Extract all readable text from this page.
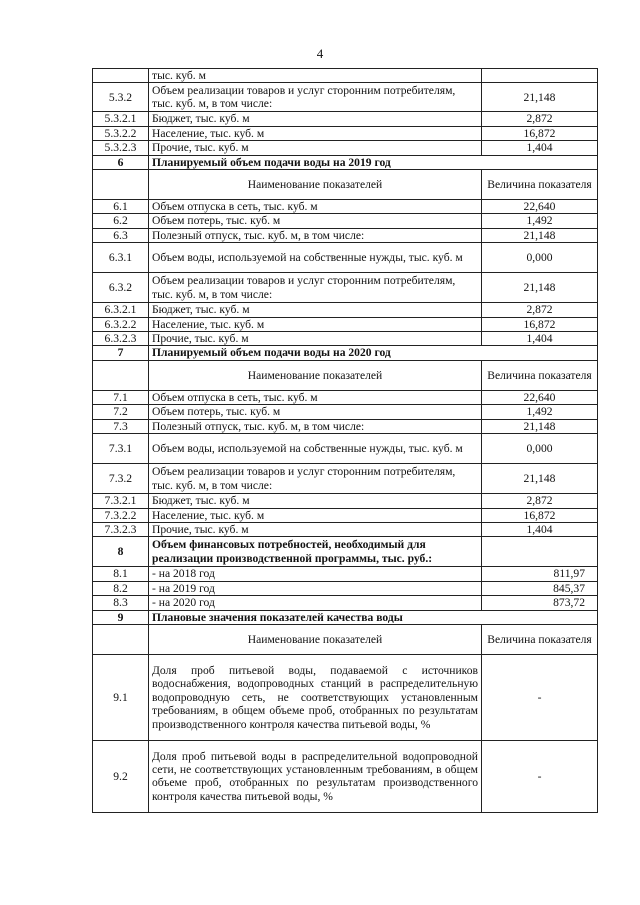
4
	тыс. куб. м	
5.3.2	Объем реализации товаров и услуг сторонним потребителям, тыс. куб. м, в том числе:	21,148
5.3.2.1	Бюджет, тыс. куб. м	2,872
5.3.2.2	Население, тыс. куб. м	16,872
5.3.2.3	Прочие, тыс. куб. м	1,404
6	Планируемый объем подачи воды на 2019 год	
	Наименование показателей	Величина показателя
6.1	Объем отпуска в сеть, тыс. куб. м	22,640
6.2	Объем потерь, тыс. куб. м	1,492
6.3	Полезный отпуск, тыс. куб. м, в том числе:	21,148
6.3.1	Объем воды, используемой на собственные нужды, тыс. куб. м	0,000
6.3.2	Объем реализации товаров и услуг сторонним потребителям, тыс. куб. м, в том числе:	21,148
6.3.2.1	Бюджет, тыс. куб. м	2,872
6.3.2.2	Население, тыс. куб. м	16,872
6.3.2.3	Прочие, тыс. куб. м	1,404
7	Планируемый объем подачи воды на 2020 год	
	Наименование показателей	Величина показателя
7.1	Объем отпуска в сеть, тыс. куб. м	22,640
7.2	Объем потерь, тыс. куб. м	1,492
7.3	Полезный отпуск, тыс. куб. м, в том числе:	21,148
7.3.1	Объем воды, используемой на собственные нужды, тыс. куб. м	0,000
7.3.2	Объем реализации товаров и услуг сторонним потребителям, тыс. куб. м, в том числе:	21,148
7.3.2.1	Бюджет, тыс. куб. м	2,872
7.3.2.2	Население, тыс. куб. м	16,872
7.3.2.3	Прочие, тыс. куб. м	1,404
8	Объем финансовых потребностей, необходимый для реализации производственной программы, тыс. руб.:	
8.1	- на 2018 год	811,97
8.2	- на 2019 год	845,37
8.3	- на 2020 год	873,72
9	Плановые значения показателей качества воды	
	Наименование показателей	Величина показателя
9.1	Доля проб питьевой воды, подаваемой с источников водоснабжения, водопроводных станций в распределительную водопроводную сеть, не соответствующих установленным требованиям, в общем объеме проб, отобранных по результатам производственного контроля качества питьевой воды, %	-
9.2	Доля проб питьевой воды в распределительной водопроводной сети, не соответствующих установленным требованиям, в общем объеме проб, отобранных по результатам производственного контроля качества питьевой воды, %	-
